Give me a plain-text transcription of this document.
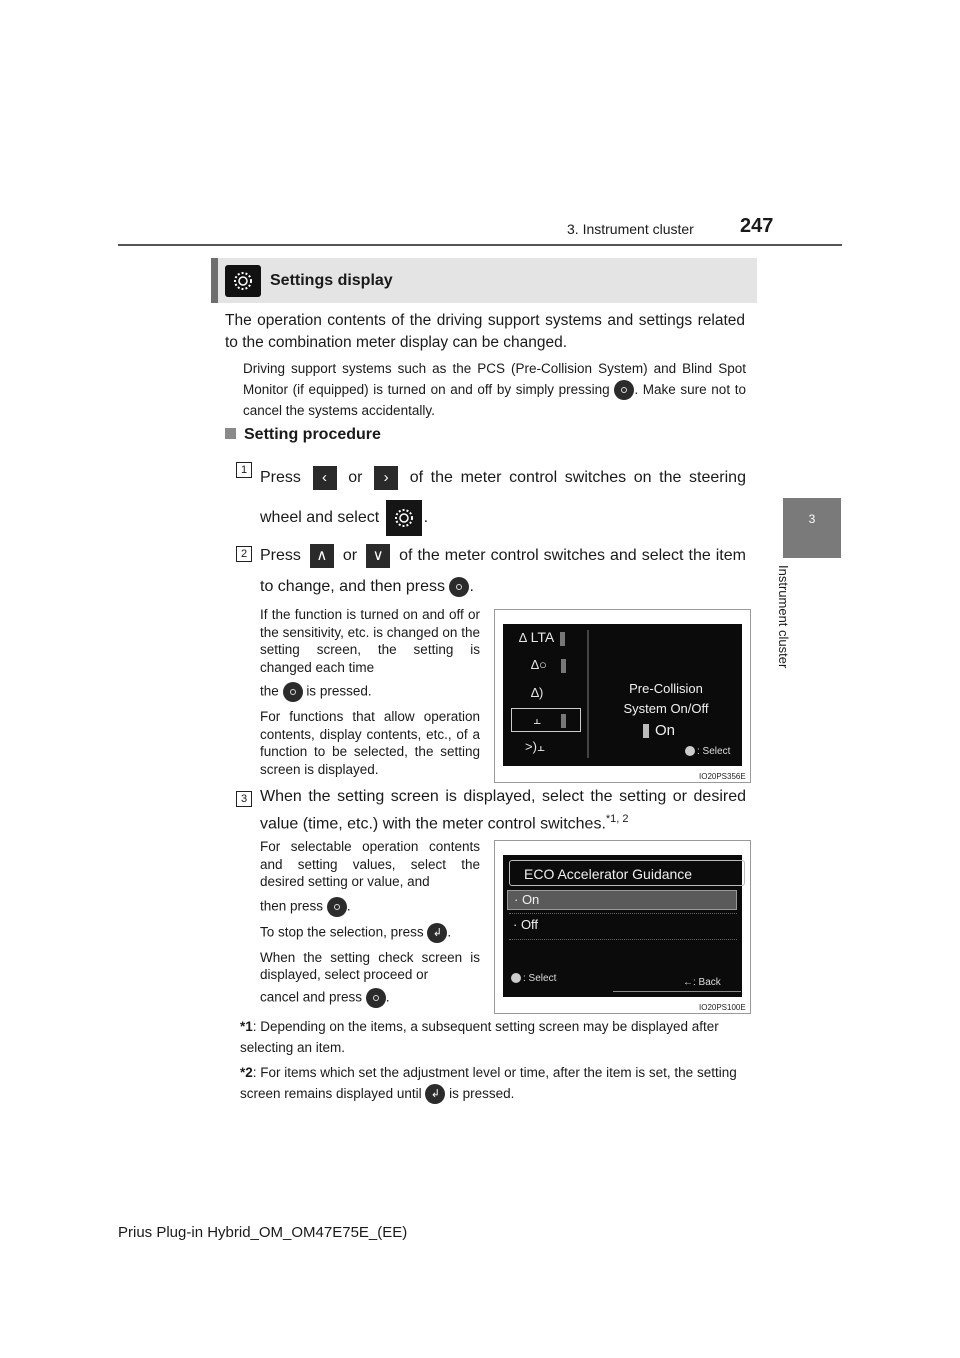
3. Instrument cluster 247
3
Instrument cluster
Settings display
The operation contents of the driving support systems and settings related to the combination meter display can be changed.
Driving support systems such as the PCS (Pre-Collision System) and Blind Spot Monitor (if equipped) is turned on and off by simply pressing . Make sure not to cancel the systems accidentally.
Setting procedure
1 Press ‹ or › of the meter control switches on the steering wheel and select	.
2 Press ∧ or ∨ of the meter control switches and select the item to change, and then press .
If the function is turned on and off or the sensitivity, etc. is changed on the setting screen, the setting is changed each time
the is pressed.
For functions that allow operation contents, display contents, etc., of a function to be selected, the setting screen is displayed.
∆ LTA
∆○
∆)
⫠
>)⫠
Pre-Collision
System On/Off
On
: Select
IO20PS356E
3 When the setting screen is displayed, select the setting or desired value (time, etc.) with the meter control switches.$^{*1, 2}$
For selectable operation contents and setting values, select the desired setting or value, and
then press .
To stop the selection, press ↲ .
When the setting check screen is displayed, select proceed or
cancel and press .
ECO Accelerator Guidance
· On
· Off
: Select	←: Back
IO20PS100E
*1: Depending on the items, a subsequent setting screen may be displayed after selecting an item.
*2: For items which set the adjustment level or time, after the item is set, the setting screen remains displayed until ↲ is pressed.
Prius Plug-in Hybrid_OM_OM47E75E_(EE)
